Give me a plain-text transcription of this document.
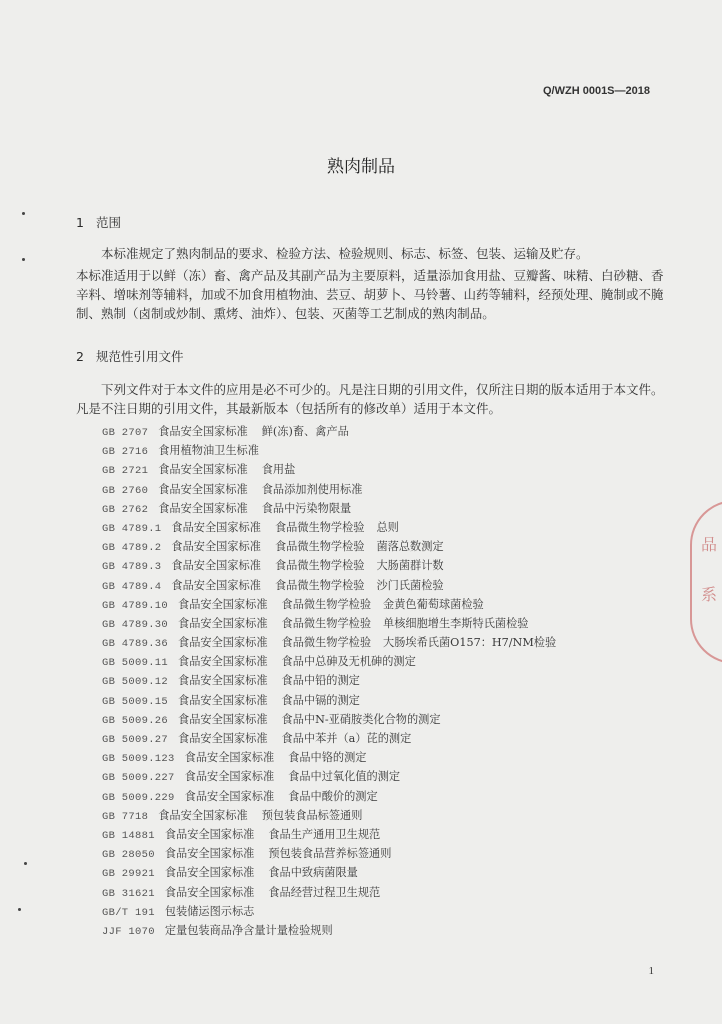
Q/WZH 0001S—2018
熟肉制品
1 范围

本标准规定了熟肉制品的要求、检验方法、检验规则、标志、标签、包装、运输及贮存。

本标准适用于以鲜（冻）畜、禽产品及其副产品为主要原料，适量添加食用盐、豆瓣酱、味精、白砂糖、香辛料、增味剂等辅料，加或不加食用植物油、芸豆、胡萝卜、马铃薯、山药等辅料，经预处理、腌制或不腌制、熟制（卤制或炒制、熏烤、油炸）、包装、灭菌等工艺制成的熟肉制品。

2 规范性引用文件

下列文件对于本文件的应用是必不可少的。凡是注日期的引用文件，仅所注日期的版本适用于本文件。凡是不注日期的引用文件，其最新版本（包括所有的修改单）适用于本文件。

GB 2707 食品安全国家标准 鲜(冻)畜、禽产品
GB 2716 食用植物油卫生标准
GB 2721 食品安全国家标准 食用盐
GB 2760 食品安全国家标准 食品添加剂使用标准
GB 2762 食品安全国家标准 食品中污染物限量
GB 4789.1 食品安全国家标准 食品微生物学检验 总则
GB 4789.2 食品安全国家标准 食品微生物学检验 菌落总数测定
GB 4789.3 食品安全国家标准 食品微生物学检验 大肠菌群计数
GB 4789.4 食品安全国家标准 食品微生物学检验 沙门氏菌检验
GB 4789.10 食品安全国家标准 食品微生物学检验 金黄色葡萄球菌检验
GB 4789.30 食品安全国家标准 食品微生物学检验 单核细胞增生李斯特氏菌检验
GB 4789.36 食品安全国家标准 食品微生物学检验 大肠埃希氏菌O157：H7/NM检验
GB 5009.11 食品安全国家标准 食品中总砷及无机砷的测定
GB 5009.12 食品安全国家标准 食品中铅的测定
GB 5009.15 食品安全国家标准 食品中镉的测定
GB 5009.26 食品安全国家标准 食品中N-亚硝胺类化合物的测定
GB 5009.27 食品安全国家标准 食品中苯并（a）芘的测定
GB 5009.123 食品安全国家标准 食品中铬的测定
GB 5009.227 食品安全国家标准 食品中过氧化值的测定
GB 5009.229 食品安全国家标准 食品中酸价的测定
GB 7718 食品安全国家标准 预包装食品标签通则
GB 14881 食品安全国家标准 食品生产通用卫生规范
GB 28050 食品安全国家标准 预包装食品营养标签通则
GB 29921 食品安全国家标准 食品中致病菌限量
GB 31621 食品安全国家标准 食品经营过程卫生规范
GB/T 191 包装储运图示标志
JJF 1070 定量包装商品净含量计量检验规则
1
品
系
